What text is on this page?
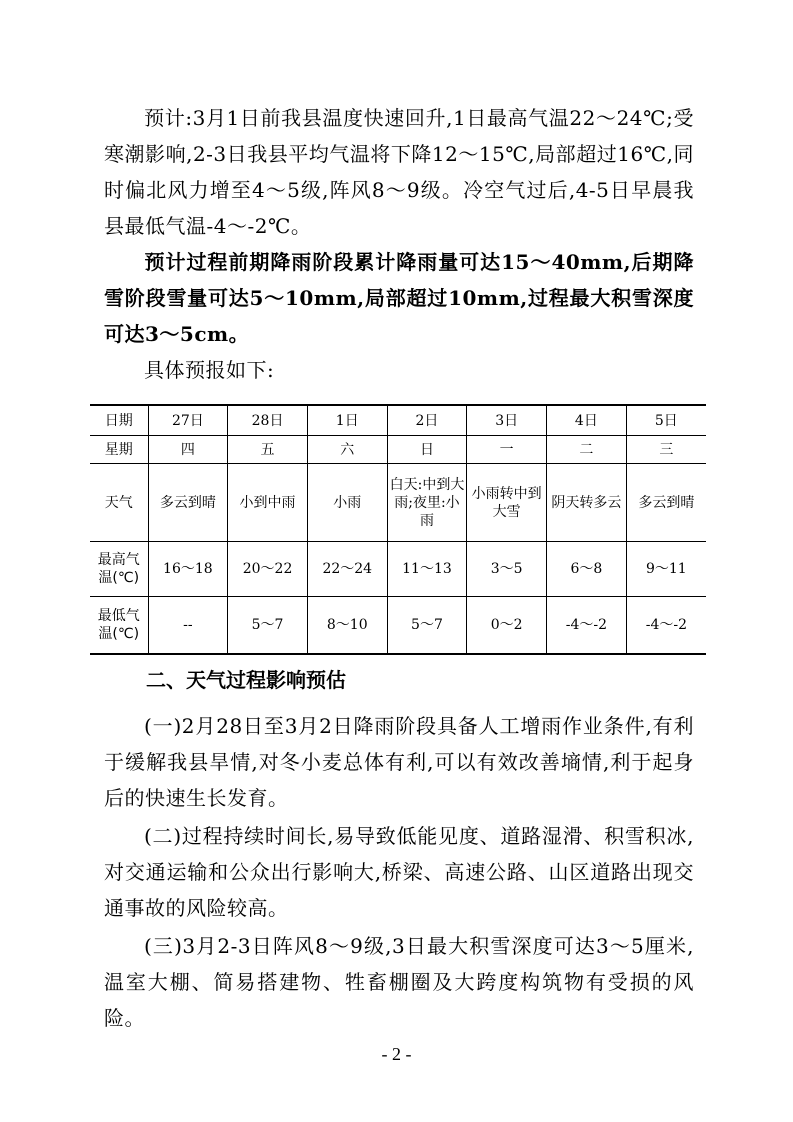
预计:3月1日前我县温度快速回升,1日最高气温22～24℃;受寒潮影响,2-3日我县平均气温将下降12～15℃,局部超过16℃,同时偏北风力增至4～5级,阵风8～9级。冷空气过后,4-5日早晨我县最低气温-4～-2℃。

预计过程前期降雨阶段累计降雨量可达15～40mm,后期降雪阶段雪量可达5～10mm,局部超过10mm,过程最大积雪深度可达3～5cm。

具体预报如下:

日期	27日	28日	1日	2日	3日	4日	5日
星期	四	五	六	日	一	二	三
天气	多云到晴	小到中雨	小雨	白天:中到大雨;夜里:小雨	小雨转中到大雪	阴天转多云	多云到晴
最高气温(℃)	16～18	20～22	22～24	11～13	3～5	6～8	9～11
最低气温(℃)	--	5～7	8～10	5～7	0～2	-4～-2	-4～-2
二、天气过程影响预估

(一)2月28日至3月2日降雨阶段具备人工增雨作业条件,有利于缓解我县旱情,对冬小麦总体有利,可以有效改善墒情,利于起身后的快速生长发育。

(二)过程持续时间长,易导致低能见度、道路湿滑、积雪积冰,对交通运输和公众出行影响大,桥梁、高速公路、山区道路出现交通事故的风险较高。

(三)3月2-3日阵风8～9级,3日最大积雪深度可达3～5厘米,温室大棚、简易搭建物、牲畜棚圈及大跨度构筑物有受损的风险。

- 2 -
